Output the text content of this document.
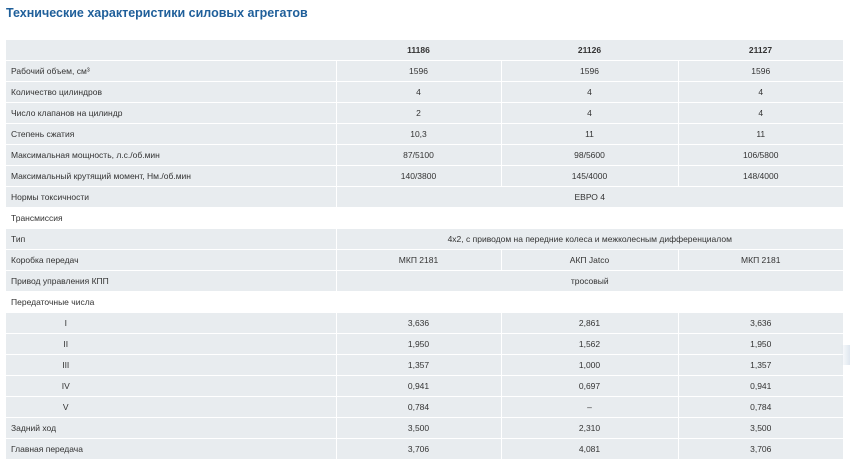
Технические характеристики силовых агрегатов
	11186	21126	21127
Рабочий объем, см³	1596	1596	1596
Количество цилиндров	4	4	4
Число клапанов на цилиндр	2	4	4
Степень сжатия	10,3	11	11
Максимальная мощность, л.с./об.мин	87/5100	98/5600	106/5800
Максимальный крутящий момент, Нм./об.мин	140/3800	145/4000	148/4000
Нормы токсичности	ЕВРО 4		
Трансмиссия			
Тип	4x2, с приводом на передние колеса и межколесным дифференциалом		
Коробка передач	МКП 2181	АКП Jatco	МКП 2181
Привод управления КПП	тросовый		
Передаточные числа			
I	3,636	2,861	3,636
II	1,950	1,562	1,950
III	1,357	1,000	1,357
IV	0,941	0,697	0,941
V	0,784	–	0,784
Задний ход	3,500	2,310	3,500
Главная передача	3,706	4,081	3,706
